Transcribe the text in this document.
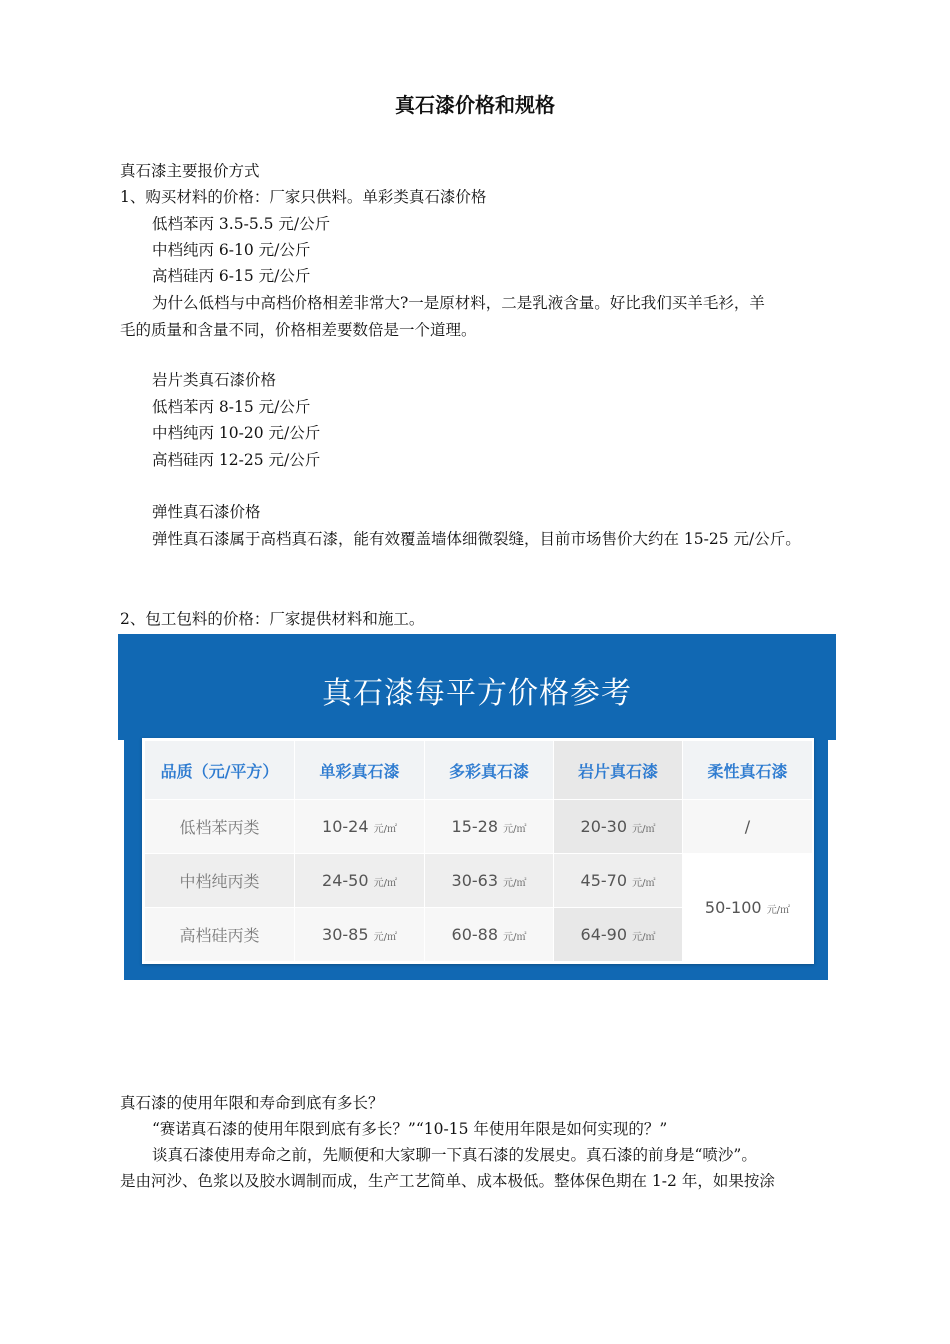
真石漆价格和规格

真石漆主要报价方式

1、购买材料的价格：厂家只供料。单彩类真石漆价格

低档苯丙 3.5-5.5 元/公斤

中档纯丙 6-10 元/公斤

高档硅丙 6-15 元/公斤

为什么低档与中高档价格相差非常大?一是原材料，二是乳液含量。好比我们买羊毛衫，羊

毛的质量和含量不同，价格相差要数倍是一个道理。

岩片类真石漆价格

低档苯丙 8-15 元/公斤

中档纯丙 10-20 元/公斤

高档硅丙 12-25 元/公斤

弹性真石漆价格

弹性真石漆属于高档真石漆，能有效覆盖墙体细微裂缝，目前市场售价大约在 15-25 元/公斤。

2、包工包料的价格：厂家提供材料和施工。

真石漆每平方价格参考
品质（元/平方）	单彩真石漆	多彩真石漆	岩片真石漆	柔性真石漆
低档苯丙类	10-24 元/㎡	15-28 元/㎡	20-30 元/㎡	/
中档纯丙类	24-50 元/㎡	30-63 元/㎡	45-70 元/㎡	50-100 元/㎡
高档硅丙类	30-85 元/㎡	60-88 元/㎡	64-90 元/㎡	

真石漆的使用年限和寿命到底有多长？

“赛诺真石漆的使用年限到底有多长？”“10-15 年使用年限是如何实现的？”

谈真石漆使用寿命之前，先顺便和大家聊一下真石漆的发展史。真石漆的前身是“喷沙”。

是由河沙、色浆以及胶水调制而成，生产工艺简单、成本极低。整体保色期在 1-2 年，如果按涂
